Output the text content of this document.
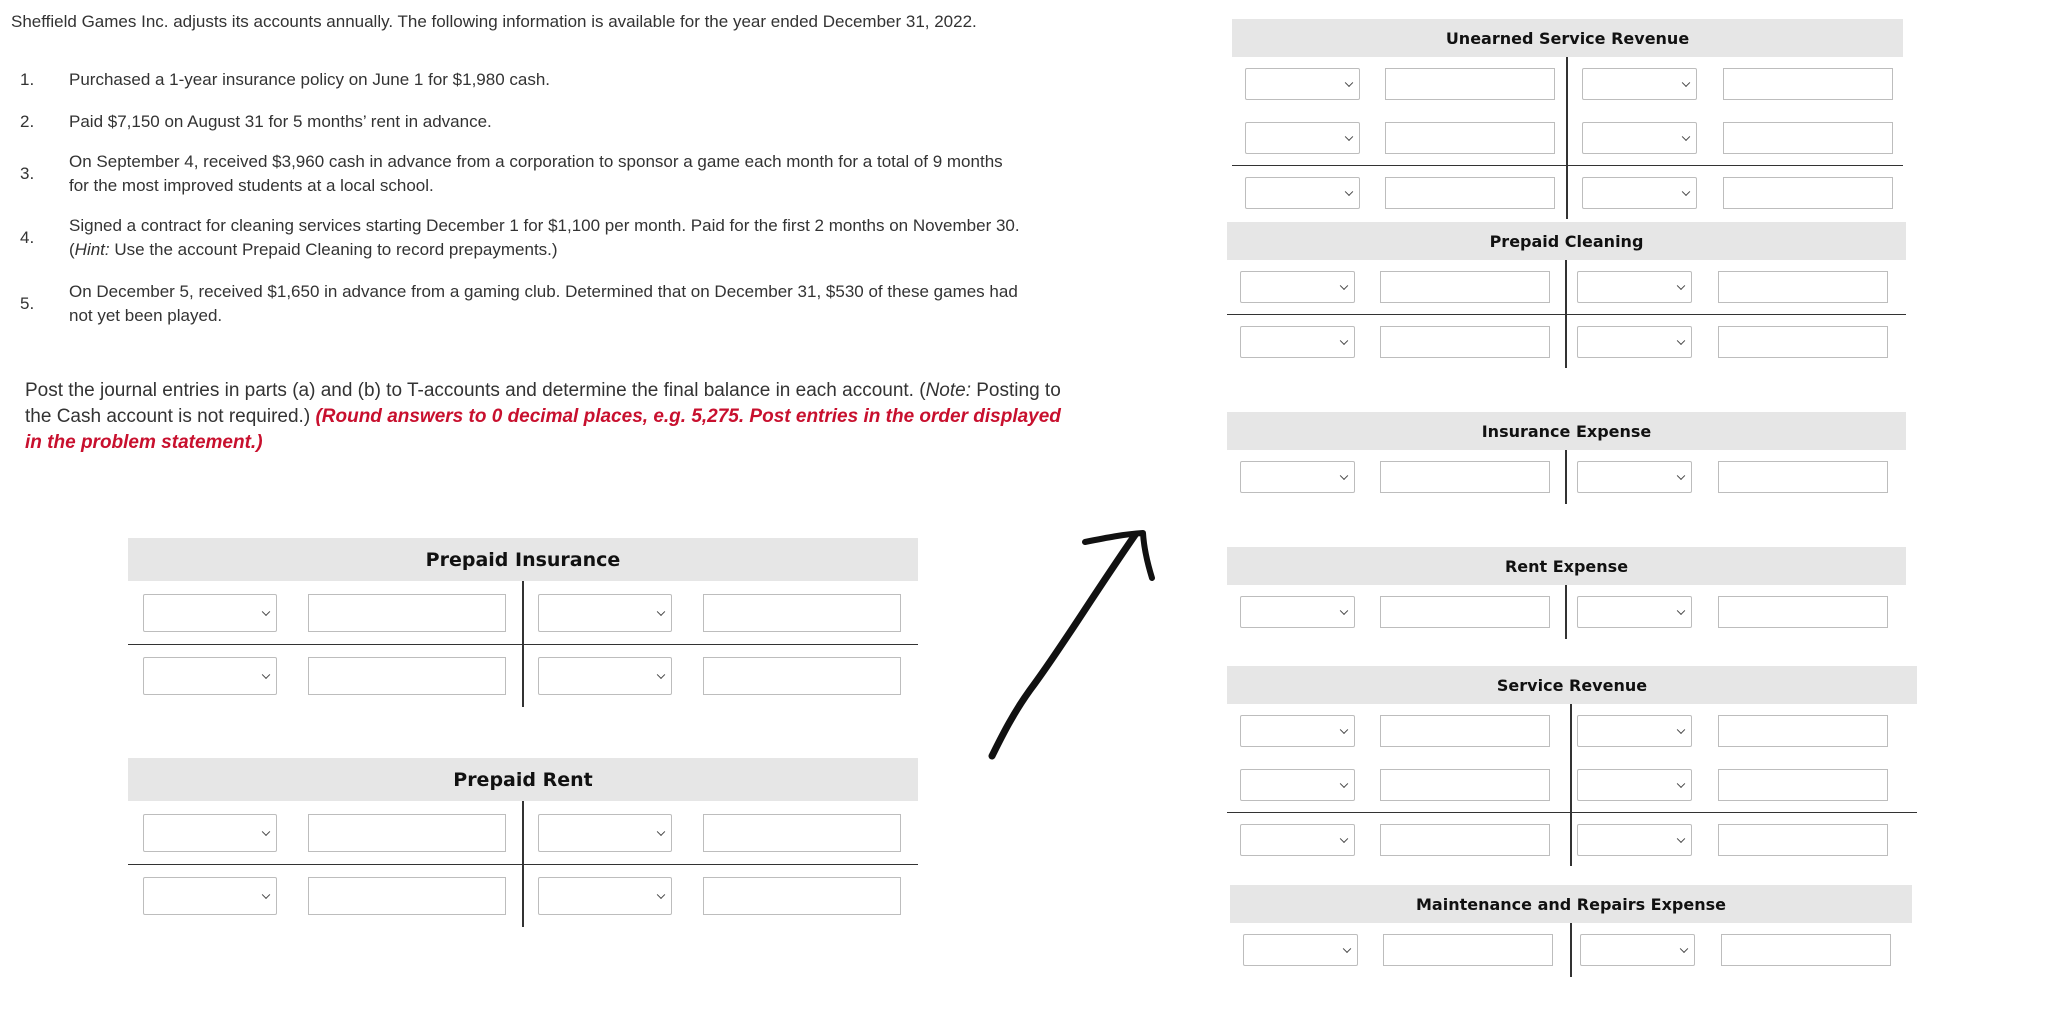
Sheffield Games Inc. adjusts its accounts annually. The following information is available for the year ended December 31, 2022.
1.	Purchased a 1-year insurance policy on June 1 for $1,980 cash.
2.	Paid $7,150 on August 31 for 5 months’ rent in advance.
3.
On September 4, received $3,960 cash in advance from a corporation to sponsor a game each month for a total of 9 months for the most improved students at a local school.
4.
Signed a contract for cleaning services starting December 1 for $1,100 per month. Paid for the first 2 months on November 30. (Hint: Use the account Prepaid Cleaning to record prepayments.)
5.
On December 5, received $1,650 in advance from a gaming club. Determined that on December 31, $530 of these games had not yet been played.
Post the journal entries in parts (a) and (b) to T-accounts and determine the final balance in each account. (Note: Posting to the Cash account is not required.) (Round answers to 0 decimal places, e.g. 5,275. Post entries in the order displayed in the problem statement.)
Prepaid Insurance
Prepaid Rent
Unearned Service Revenue
Prepaid Cleaning
Insurance Expense
Rent Expense
Service Revenue
Maintenance and Repairs Expense
